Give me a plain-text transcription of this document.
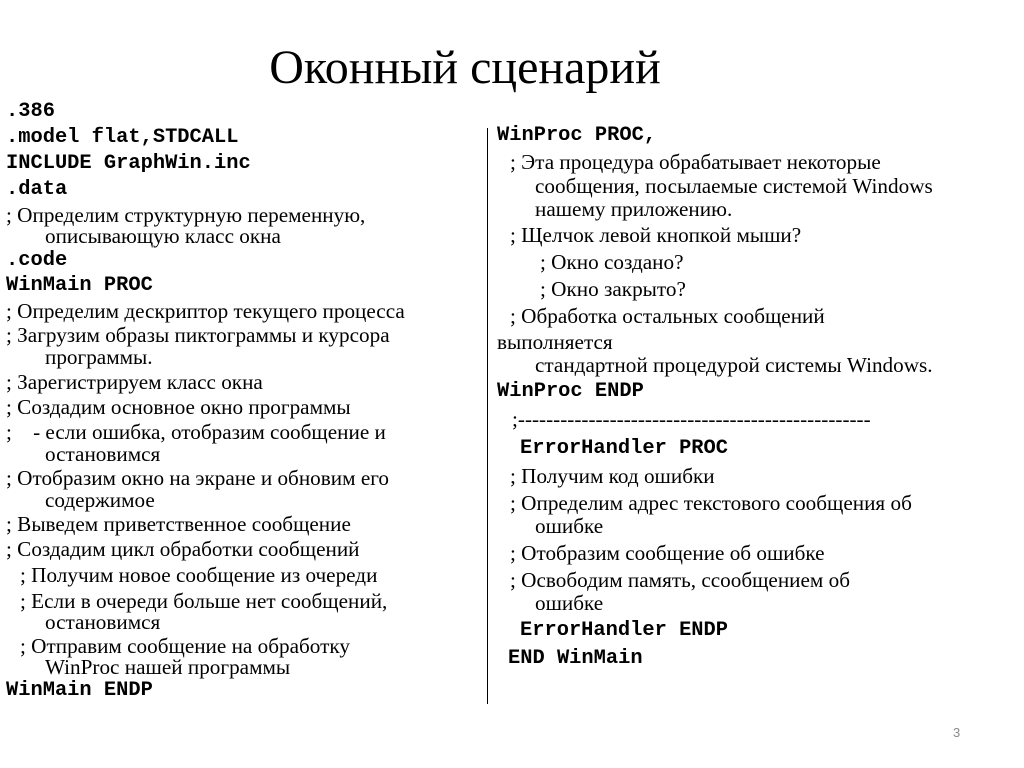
Оконный сценарий
.386
.model flat,STDCALL
INCLUDE GraphWin.inc
.data
; Определим структурную переменную,
описывающую класс окна
.code
WinMain PROC
; Определим дескриптор текущего процесса
; Загрузим образы пиктограммы и курсора
программы.
; Зарегистрируем класс окна
; Создадим основное окно программы
;    - если ошибка, отобразим сообщение и
остановимся
; Отобразим окно на экране и обновим его
содержимое
; Выведем приветственное сообщение
; Создадим цикл обработки сообщений
; Получим новое сообщение из очереди
; Если в очереди больше нет сообщений,
остановимся
; Отправим сообщение на обработку
WinProc нашей программы
WinMain ENDP
WinProc PROC,
; Эта процедура обрабатывает некоторые
сообщения, посылаемые системой Windows
нашему приложению.
; Щелчок левой кнопкой мыши?
; Окно создано?
; Окно закрыто?
; Обработка остальных сообщений
выполняется
стандартной процедурой системы Windows.
WinProc ENDP
;--------------------------------------------------
ErrorHandler PROC
; Получим код ошибки
; Определим адрес текстового сообщения об
ошибке
; Отобразим сообщение об ошибке
; Освободим память, ссообщением об
ошибке
ErrorHandler ENDP
END WinMain
3
